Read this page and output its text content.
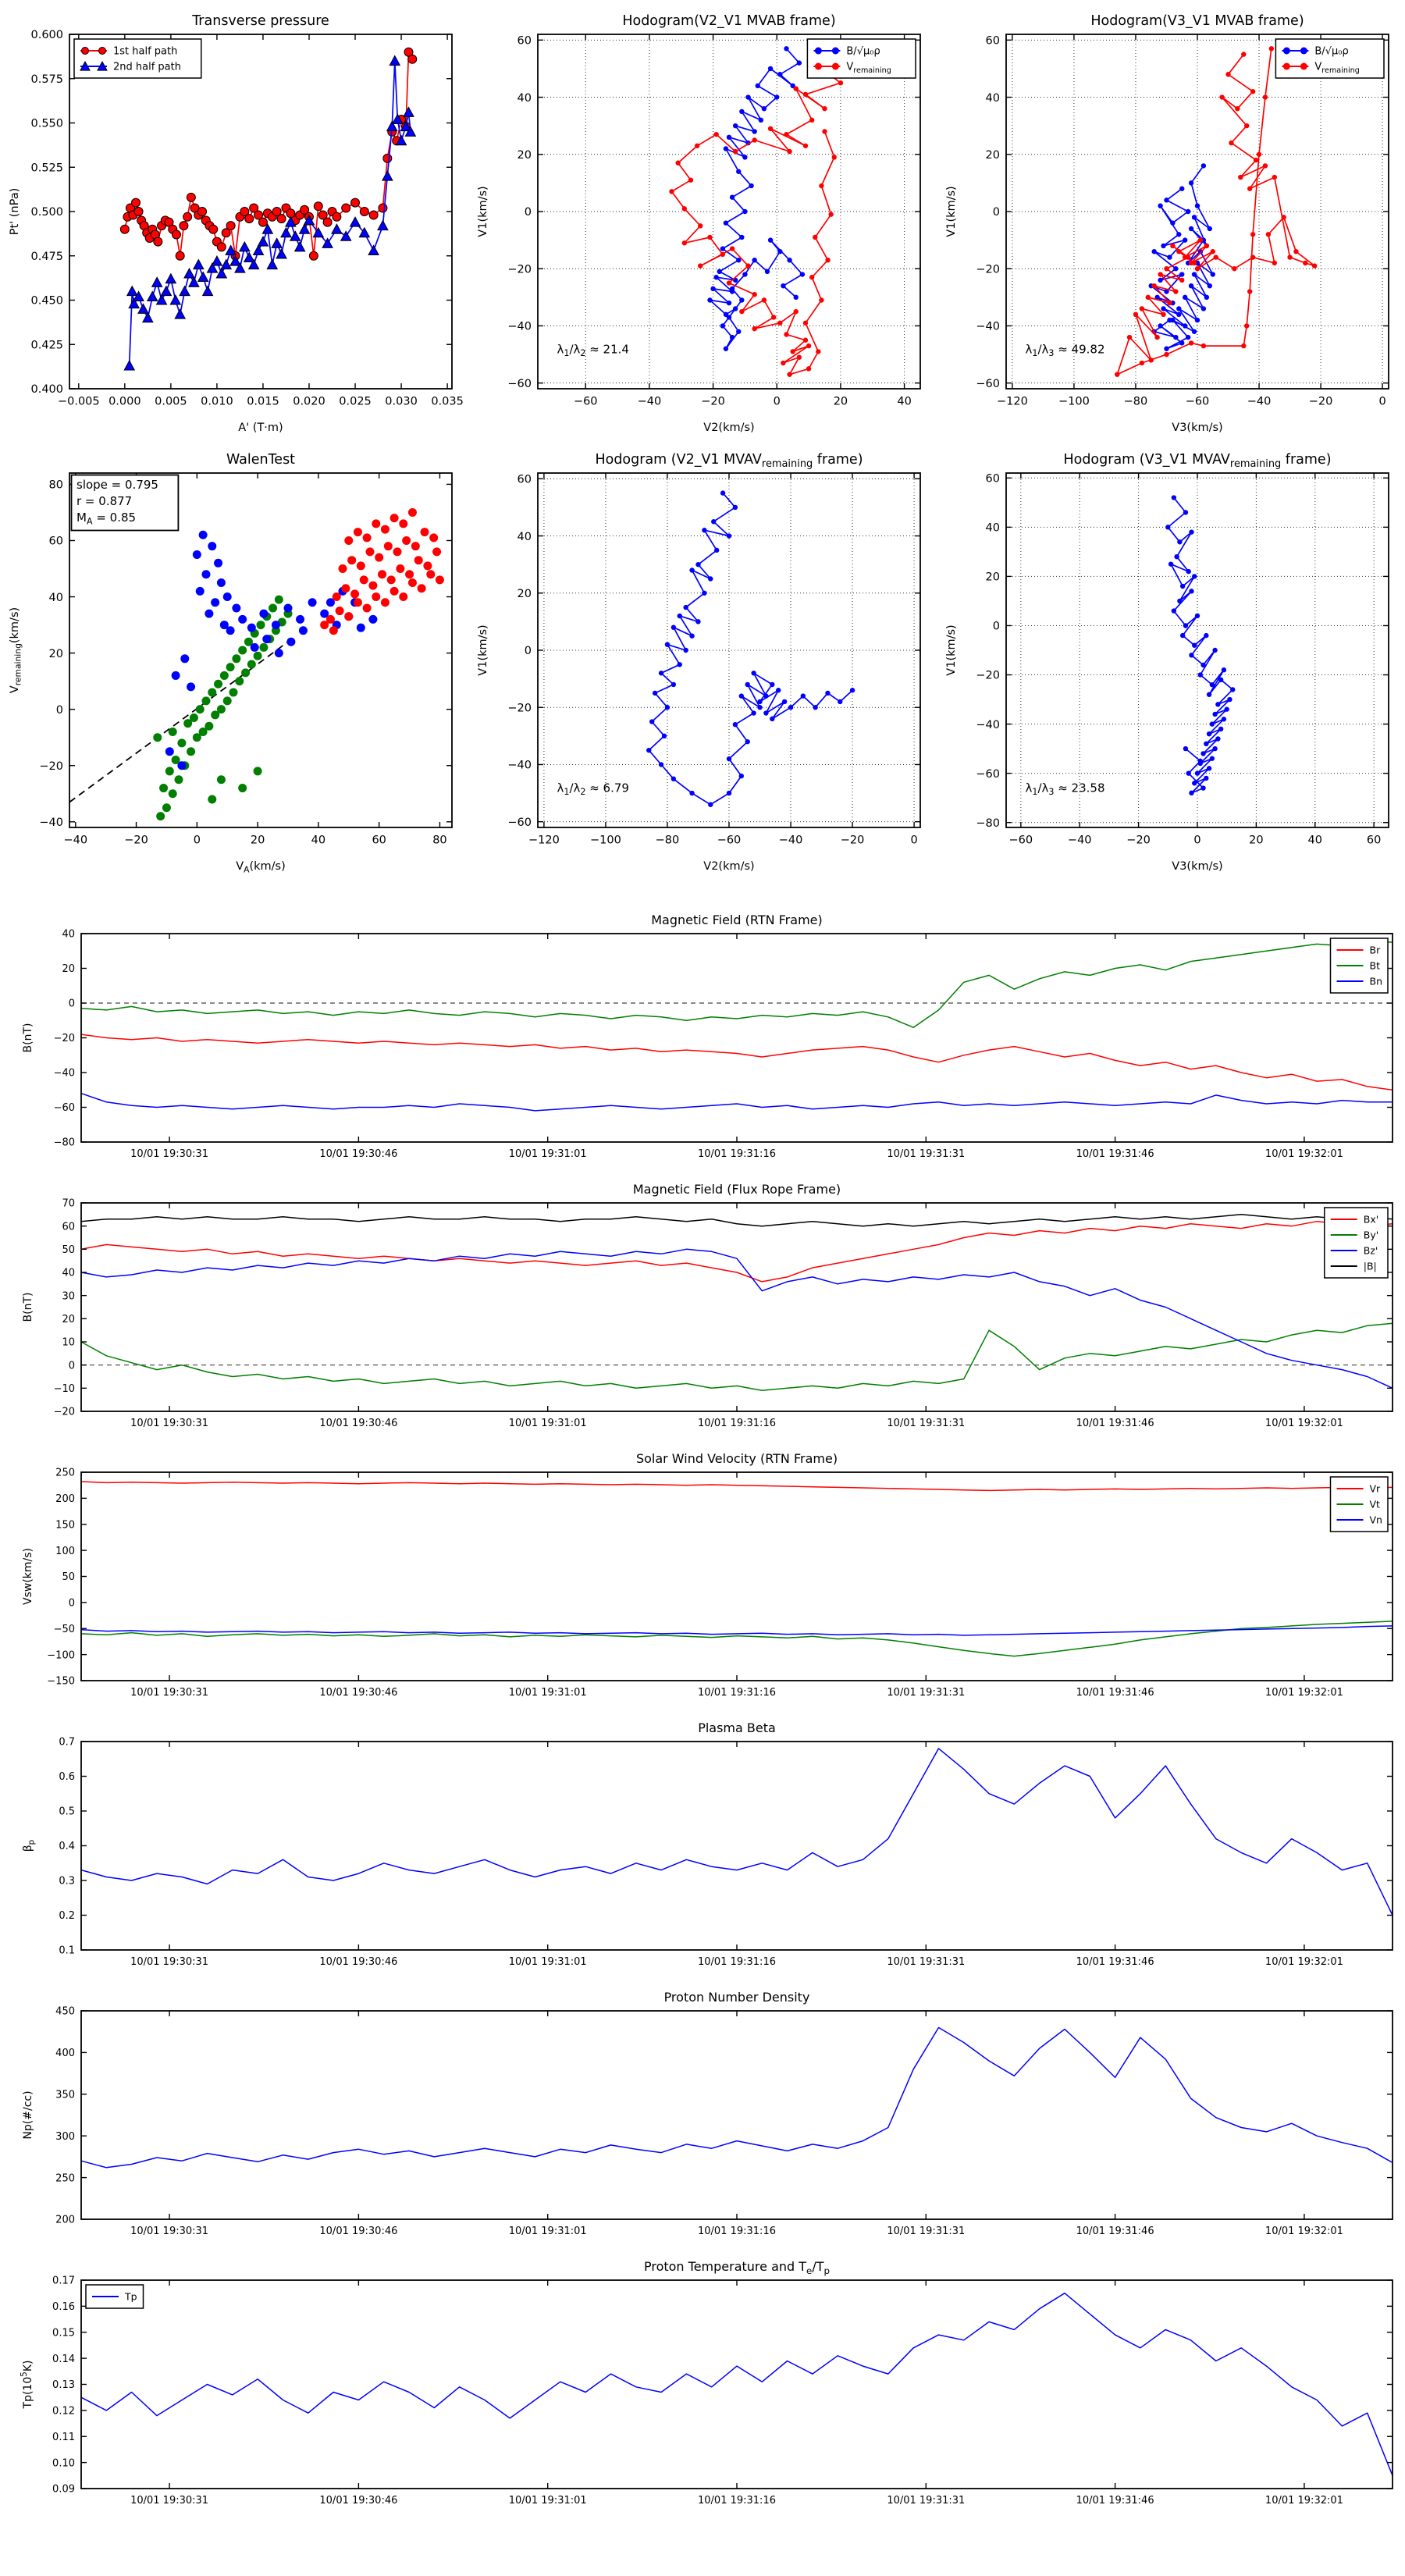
−0.005 0.000 0.005 0.010 0.015 0.020 0.025 0.030 0.035
0.400
0.425
0.450
0.475
0.500
0.525
0.550
0.575
0.600
Transverse pressure
A' (T·m)
Pt' (nPa)
1st half path
2nd half path
−60	−40	−20	0	20	40
60
40
20
0
−20
−40
−60
Hodogram(V2_V1 MVAB frame)
V2(km/s)
V1(km/s)
B/√μ₀ρ
$V_{remaining}$
$\lambda_1/\lambda_2 \approx 21.4$
−120	−100	−80	−60	−40	−20	0
60
40
20
0
−20
−40
−60
Hodogram(V3_V1 MVAB frame)
V3(km/s)
V1(km/s)
B/√μ₀ρ
$V_{remaining}$
$\lambda_1/\lambda_3 \approx 49.82$
−40	−20	0	20	40	60	80
80
60
40
20
0
−20
−40
WalenTest
$V_A(km/s)$
$V_{remaining}(km/s)$
slope = 0.795
r = 0.877
$M_A = 0.85$
−120	−100	−80	−60	−40	−20	0
60
40
20
0
−20
−40
−60
Hodogram (V2_V1 $MVAV_{remaining}$ frame)
V2(km/s)
V1(km/s)
$\lambda_1/\lambda_2 \approx 6.79$
−60	−40	−20	0	20	40	60
60
40
20
0
−20
−40
−60
−80
Hodogram (V3_V1 $MVAV_{remaining}$ frame)
V3(km/s)
V1(km/s)
$\lambda_1/\lambda_3 \approx 23.58$
10/01 19:30:31	10/01 19:30:46	10/01 19:31:01	10/01 19:31:16	10/01 19:31:31	10/01 19:31:46	10/01 19:32:01
40
20
0
−20
−40
−60
−80
Magnetic Field (RTN Frame)
B(nT)
Br
Bt
Bn
10/01 19:30:31	10/01 19:30:46	10/01 19:31:01	10/01 19:31:16	10/01 19:31:31	10/01 19:31:46	10/01 19:32:01
70
60
50
40
30
20
10
0
−10
−20
Magnetic Field (Flux Rope Frame)
B(nT)
Bx'
By'
Bz'
|B|
10/01 19:30:31	10/01 19:30:46	10/01 19:31:01	10/01 19:31:16	10/01 19:31:31	10/01 19:31:46	10/01 19:32:01
250
200
150
100
50
0
−50
−100
−150
Solar Wind Velocity (RTN Frame)
Vsw(km/s)
Vr
Vt
Vn
10/01 19:30:31	10/01 19:30:46	10/01 19:31:01	10/01 19:31:16	10/01 19:31:31	10/01 19:31:46	10/01 19:32:01
0.7
0.6
0.5
0.4
0.3
0.2
0.1
Plasma Beta
$\beta_p$
10/01 19:30:31	10/01 19:30:46	10/01 19:31:01	10/01 19:31:16	10/01 19:31:31	10/01 19:31:46	10/01 19:32:01
450
400
350
300
250
200
Proton Number Density
Np(#/cc)
10/01 19:30:31	10/01 19:30:46	10/01 19:31:01	10/01 19:31:16	10/01 19:31:31	10/01 19:31:46	10/01 19:32:01
0.17
0.16
0.15
0.14
0.13
0.12
0.11
0.10
0.09
Proton Temperature and $T_e/T_p$
$Tp(10^5K)$
Tp
